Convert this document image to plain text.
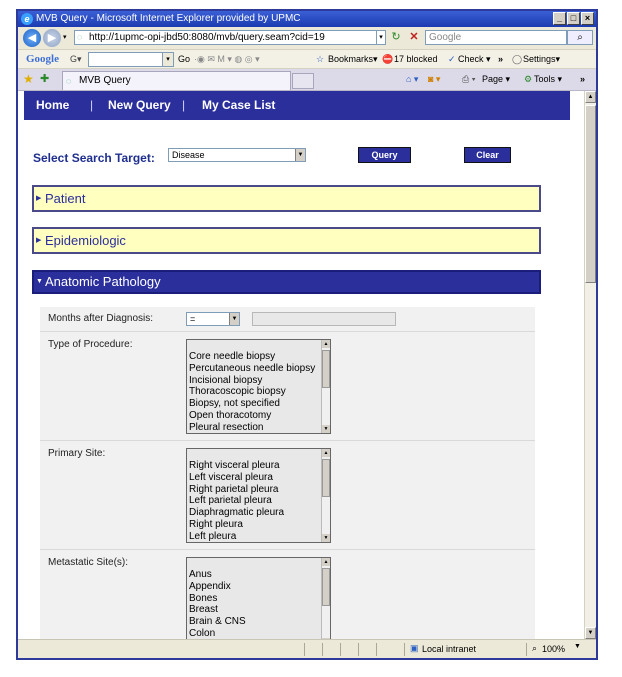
e MVB Query - Microsoft Internet Explorer provided by UPMC	_ □ ×
◀	▶ ▾ ◌ http://1upmc-opi-jbd50:8080/mvb/query.seam?cid=19	▾ ↻ ✕	Google	⌕
Google G▾	▾ Go ·◉ ✉ M ▾ ◍ ◎ ▾	☆ Bookmarks▾ ⛔ 17 blocked ✓ Check ▾ » ◯ Settings▾
★ ✚ ◌ MVB Query	⌂ ▾ ◙ ▾ ⎙ ▾ Page ▾ ⚙ Tools ▾ »
Home | New Query | My Case List
Select Search Target:	Disease	▼	Query	Clear
▶ Patient
▶ Epidemiologic
▼ Anatomic Pathology
Months after Diagnosis:	=	▼
Type of Procedure:
Core needle biopsy
Percutaneous needle biopsy
Incisional biopsy
Thoracoscopic biopsy
Biopsy, not specified
Open thoracotomy
Pleural resection
▲
▼
Primary Site:
Right visceral pleura
Left visceral pleura
Right parietal pleura
Left parietal pleura
Diaphragmatic pleura
Right pleura
Left pleura
▲
▼
Metastatic Site(s):
Anus
Appendix
Bones
Breast
Brain & CNS
Colon
▲
▲
▼
▣ Local intranet	⌕ 100% ▼
